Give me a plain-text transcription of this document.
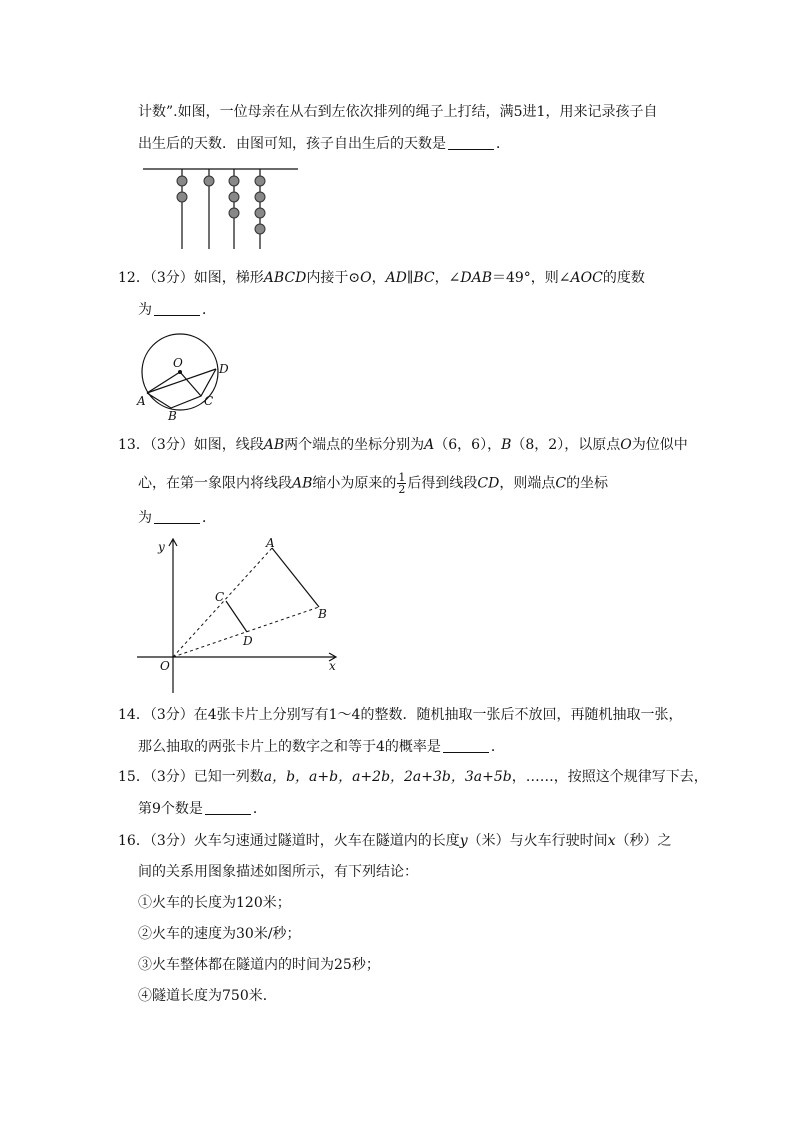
计数”.如图，一位母亲在从右到左依次排列的绳子上打结，满5进1，用来记录孩子自
出生后的天数．由图可知，孩子自出生后的天数是	．
12．（3分）如图，梯形ABCD内接于⊙O，AD∥BC，∠DAB＝49°，则∠AOC的度数
为	．
O	D
A
B
C
13．（3分）如图，线段AB两个端点的坐标分别为A（6，6），B（8，2），以原点O为位似中
心，在第一象限内将线段AB缩小为原来的 $\frac{1}{2}$ 后得到线段CD，则端点C的坐标
为	．
y
x
O
A
B
C
D
14．（3分）在4张卡片上分别写有1～4的整数．随机抽取一张后不放回，再随机抽取一张，
那么抽取的两张卡片上的数字之和等于4的概率是	．
15．（3分）已知一列数a，b，a+b，a+2b，2a+3b，3a+5b，……，按照这个规律写下去，
第9个数是	．
16．（3分）火车匀速通过隧道时，火车在隧道内的长度y（米）与火车行驶时间x（秒）之
间的关系用图象描述如图所示，有下列结论：
①火车的长度为120米；
②火车的速度为30米/秒；
③火车整体都在隧道内的时间为25秒；
④隧道长度为750米．
